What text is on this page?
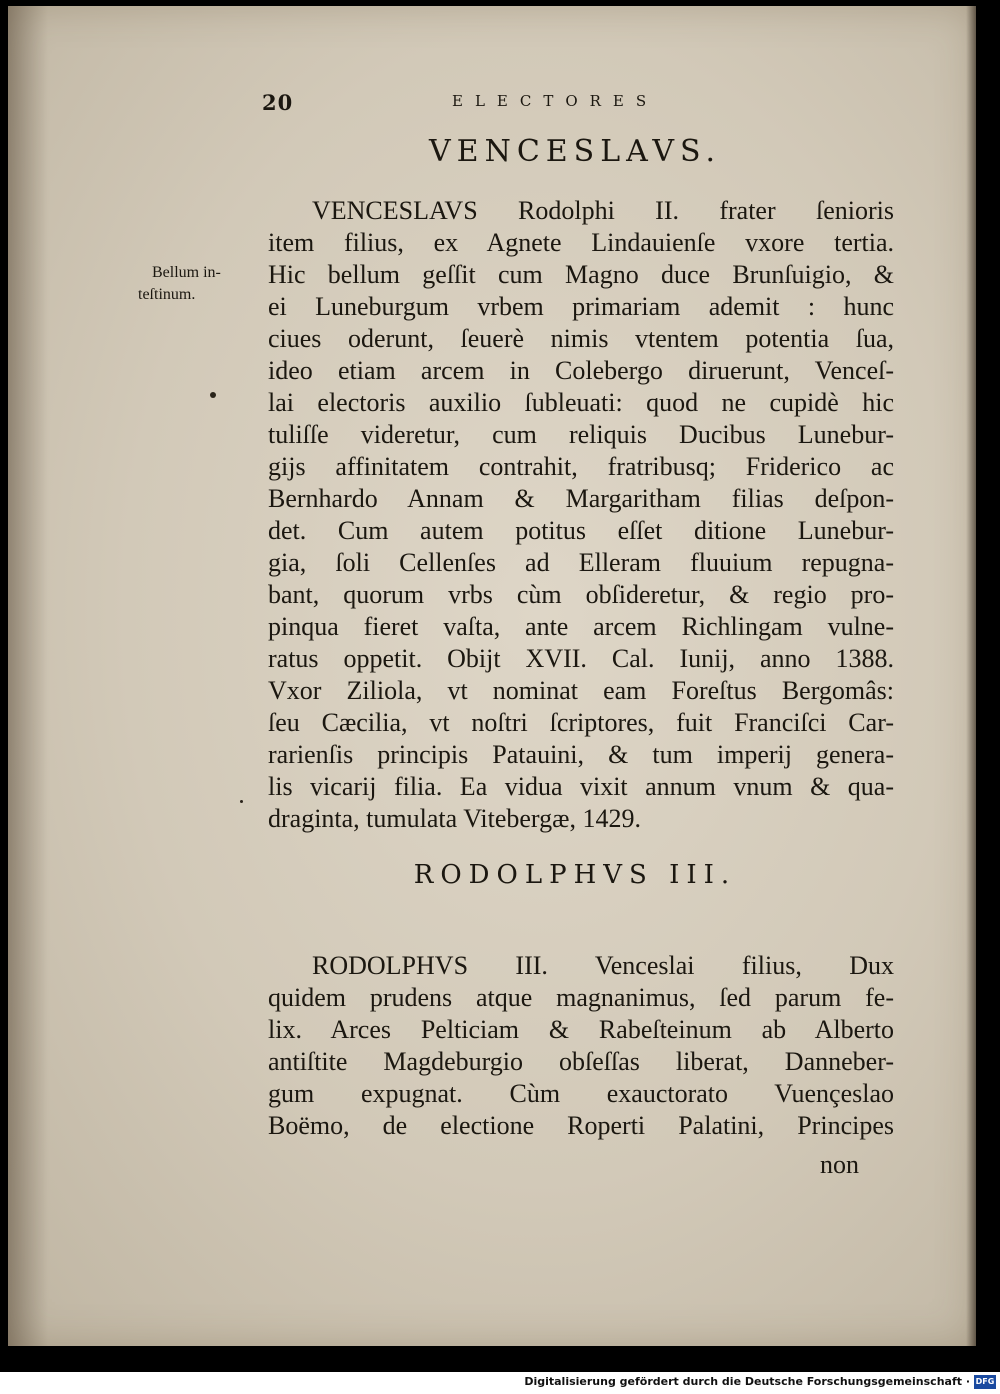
20	ELECTORES
VENCESLAVS.
Bellum in-
teſtinum.
VENCESLAVS Rodolphi II. frater ſenioris
item filius, ex Agnete Lindauienſe vxore tertia.
Hic bellum geſſit cum Magno duce Brunſuigio, &
ei Luneburgum vrbem primariam ademit : hunc
ciues oderunt, ſeuerè nimis vtentem potentia ſua,
ideo etiam arcem in Colebergo diruerunt, Venceſ-
lai electoris auxilio ſubleuati: quod ne cupidè hic
tuliſſe videretur, cum reliquis Ducibus Lunebur-
gijs affinitatem contrahit, fratribusq; Friderico ac
Bernhardo Annam & Margaritham filias deſpon-
det. Cum autem potitus eſſet ditione Lunebur-
gia, ſoli Cellenſes ad Elleram fluuium repugna-
bant, quorum vrbs cùm obſideretur, & regio pro-
pinqua fieret vaſta, ante arcem Richlingam vulne-
ratus oppetit. Obijt XVII. Cal. Iunij, anno 1388.
Vxor Ziliola, vt nominat eam Foreſtus Bergomâs:
ſeu Cæcilia, vt noſtri ſcriptores, fuit Franciſci Car-
rarienſis principis Patauini, & tum imperij genera-
lis vicarij filia. Ea vidua vixit annum vnum & qua-
draginta, tumulata Vitebergæ, 1429.
RODOLPHVS III.
RODOLPHVS III. Venceslai filius, Dux
quidem prudens atque magnanimus, ſed parum fe-
lix. Arces Pelticiam & Rabeſteinum ab Alberto
antiſtite Magdeburgio obſeſſas liberat, Danneber-
gum expugnat. Cùm exauctorato Vuençeslao
Boëmo, de electione Roperti Palatini, Principes
non
Digitalisierung gefördert durch die Deutsche Forschungsgemeinschaft · DFG
